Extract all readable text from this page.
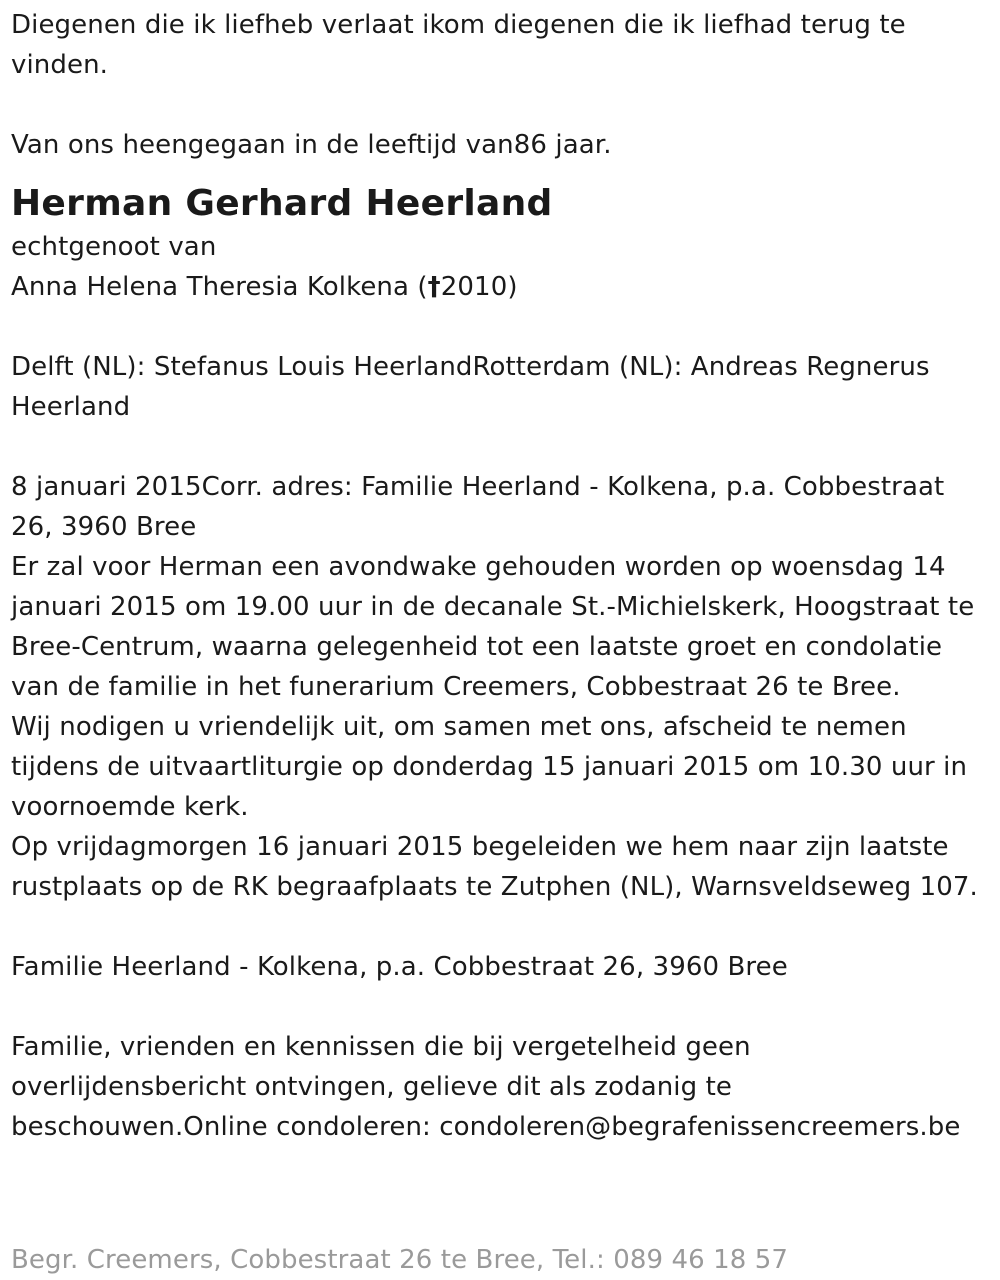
Diegenen die ik liefheb verlaat ikom diegenen die ik liefhad terug te vinden.

Van ons heengegaan in de leeftijd van86 jaar.

Herman Gerhard Heerland

echtgenoot van

Anna Helena Theresia Kolkena (†2010)

Delft (NL): Stefanus Louis HeerlandRotterdam (NL): Andreas Regnerus Heerland

8 januari 2015Corr. adres: Familie Heerland - Kolkena, p.a. Cobbestraat 26, 3960 Bree

Er zal voor Herman een avondwake gehouden worden op woensdag 14 januari 2015 om 19.00 uur in de decanale St.-Michielskerk, Hoogstraat te Bree-Centrum, waarna gelegenheid tot een laatste groet en condolatie van de familie in het funerarium Creemers, Cobbestraat 26 te Bree.

Wij nodigen u vriendelijk uit, om samen met ons, afscheid te nemen tijdens de uitvaartliturgie op donderdag 15 januari 2015 om 10.30 uur in voornoemde kerk.

Op vrijdagmorgen 16 januari 2015 begeleiden we hem naar zijn laatste rustplaats op de RK begraafplaats te Zutphen (NL), Warnsveldseweg 107.

Familie Heerland - Kolkena, p.a. Cobbestraat 26, 3960 Bree

Familie, vrienden en kennissen die bij vergetelheid geen

overlijdensbericht ontvingen, gelieve dit als zodanig te

beschouwen.Online condoleren: condoleren@begrafenissencreemers.be

Begr. Creemers, Cobbestraat 26 te Bree, Tel.: 089 46 18 57
